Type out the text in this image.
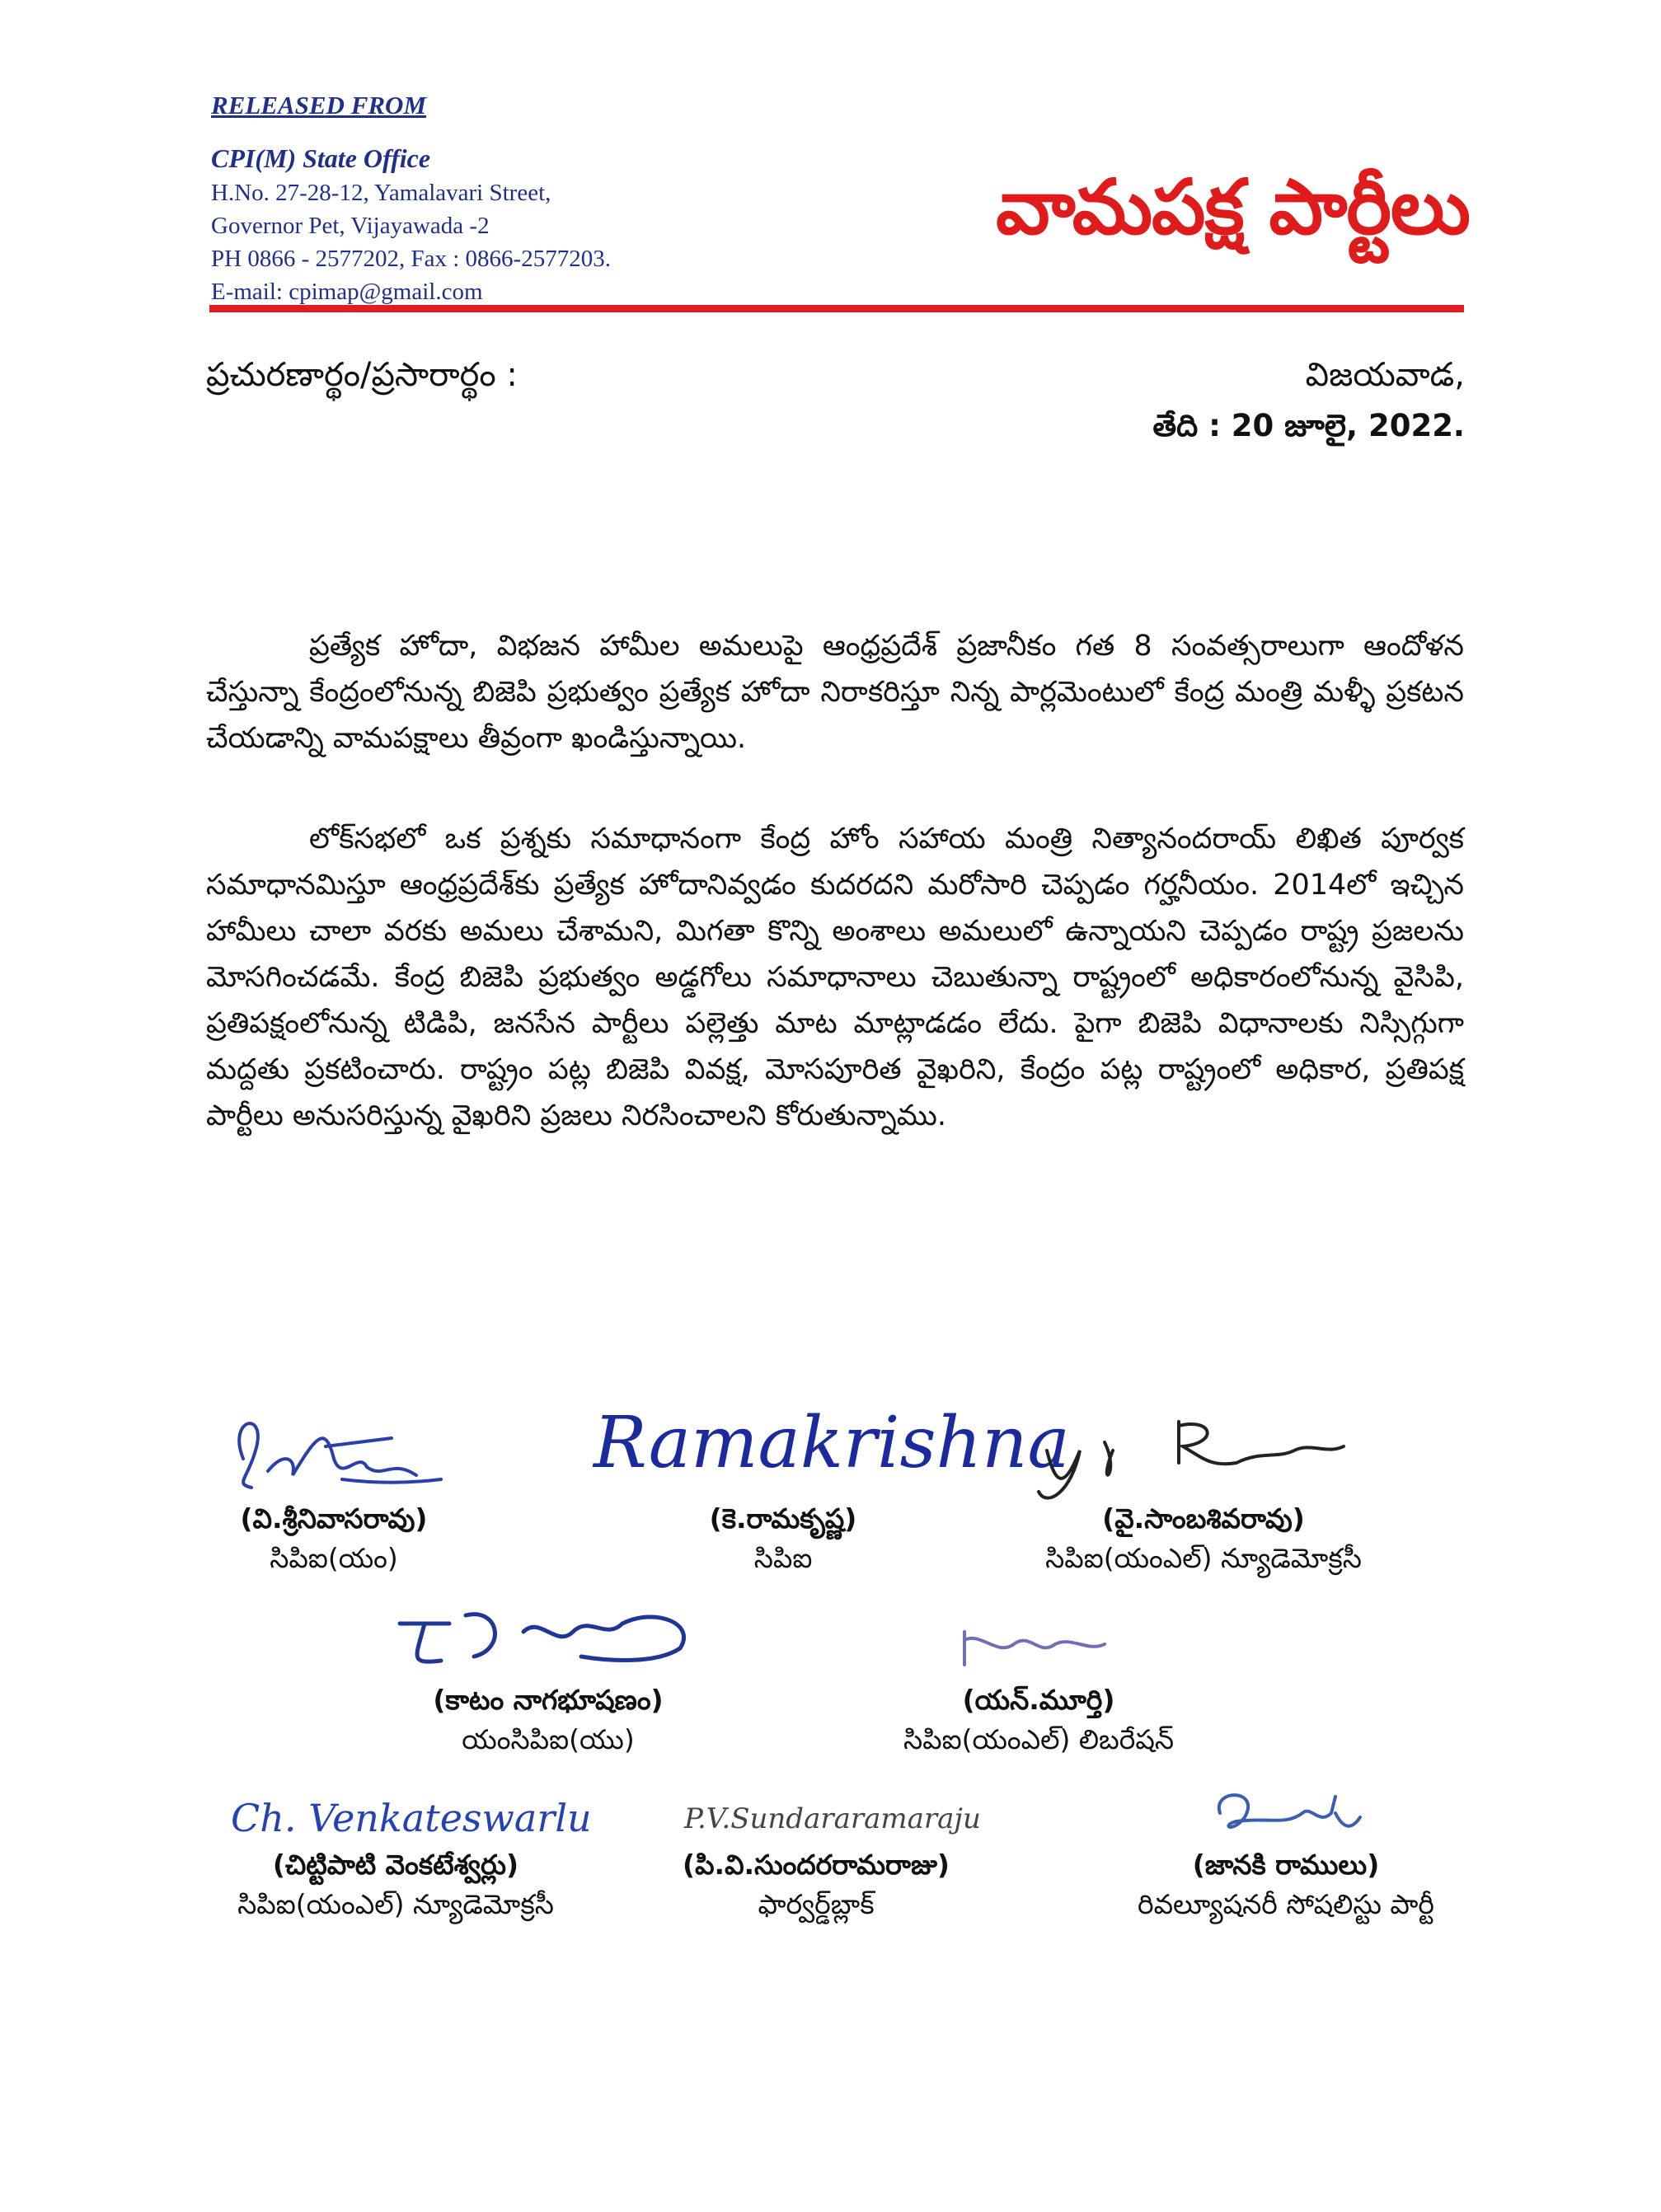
RELEASED FROM
CPI(M) State Office
H.No. 27-28-12, Yamalavari Street,
Governor Pet, Vijayawada -2
PH 0866 - 2577202, Fax : 0866-2577203.
E-mail: cpimap@gmail.com
వామపక్ష పార్టీలు
ప్రచురణార్థం/ప్రసారార్థం :	విజయవాడ,
తేది : 20 జూలై, 2022.

ప్రత్యేక హోదా, విభజన హామీల అమలుపై ఆంధ్రప్రదేశ్ ప్రజానీకం గత 8 సంవత్సరాలుగా ఆందోళన చేస్తున్నా కేంద్రంలోనున్న బిజెపి ప్రభుత్వం ప్రత్యేక హోదా నిరాకరిస్తూ నిన్న పార్లమెంటులో కేంద్ర మంత్రి మళ్ళీ ప్రకటన చేయడాన్ని వామపక్షాలు తీవ్రంగా ఖండిస్తున్నాయి.

లోక్‌సభలో ఒక ప్రశ్నకు సమాధానంగా కేంద్ర హోం సహాయ మంత్రి నిత్యానందరాయ్ లిఖిత పూర్వక సమాధానమిస్తూ ఆంధ్రప్రదేశ్‌కు ప్రత్యేక హోదానివ్వడం కుదరదని మరోసారి చెప్పడం గర్హనీయం. 2014లో ఇచ్చిన హామీలు చాలా వరకు అమలు చేశామని, మిగతా కొన్ని అంశాలు అమలులో ఉన్నాయని చెప్పడం రాష్ట్ర ప్రజలను మోసగించడమే. కేంద్ర బిజెపి ప్రభుత్వం అడ్డగోలు సమాధానాలు చెబుతున్నా రాష్ట్రంలో అధికారంలోనున్న వైసిపి, ప్రతిపక్షంలోనున్న టిడిపి, జనసేన పార్టీలు పల్లెత్తు మాట మాట్లాడడం లేదు. పైగా బిజెపి విధానాలకు నిస్సిగ్గుగా మద్దతు ప్రకటించారు. రాష్ట్రం పట్ల బిజెపి వివక్ష, మోసపూరిత వైఖరిని, కేంద్రం పట్ల రాష్ట్రంలో అధికార, ప్రతిపక్ష పార్టీలు అనుసరిస్తున్న వైఖరిని ప్రజలు నిరసించాలని కోరుతున్నాము.

(వి.శ్రీనివాసరావు)
సిపిఐ(యం)
Ramakrishna
(కె.రామకృష్ణ)
సిపిఐ
(వై.సాంబశివరావు)
సిపిఐ(యంఎల్) న్యూడెమోక్రసీ
(కాటం నాగభూషణం)
యంసిపిఐ(యు)
(యన్.మూర్తి)
సిపిఐ(యంఎల్) లిబరేషన్
Ch. Venkateswarlu
(చిట్టిపాటి వెంకటేశ్వర్లు)
సిపిఐ(యంఎల్) న్యూడెమోక్రసీ
P.V.Sundararamaraju
(పి.వి.సుందరరామరాజు)
ఫార్వర్డ్‌బ్లాక్
(జానకి రాములు)
రివల్యూషనరీ సోషలిస్టు పార్టీ
